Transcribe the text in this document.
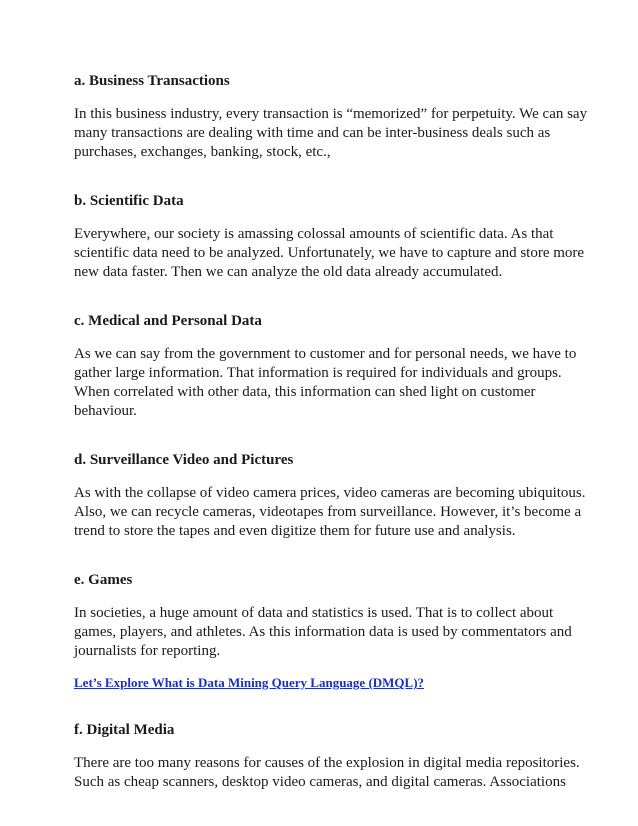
a. Business Transactions

In this business industry, every transaction is “memorized” for perpetuity. We can say
many transactions are dealing with time and can be inter-business deals such as
purchases, exchanges, banking, stock, etc.,

b. Scientific Data

Everywhere, our society is amassing colossal amounts of scientific data. As that
scientific data need to be analyzed. Unfortunately, we have to capture and store more
new data faster. Then we can analyze the old data already accumulated.

c. Medical and Personal Data

As we can say from the government to customer and for personal needs, we have to
gather large information. That information is required for individuals and groups.
When correlated with other data, this information can shed light on customer
behaviour.

d. Surveillance Video and Pictures

As with the collapse of video camera prices, video cameras are becoming ubiquitous.
Also, we can recycle cameras, videotapes from surveillance. However, it’s become a
trend to store the tapes and even digitize them for future use and analysis.

e. Games

In societies, a huge amount of data and statistics is used. That is to collect about
games, players, and athletes. As this information data is used by commentators and
journalists for reporting.

Let’s Explore What is Data Mining Query Language (DMQL)?
f. Digital Media

There are too many reasons for causes of the explosion in digital media repositories.
Such as cheap scanners, desktop video cameras, and digital cameras. Associations
